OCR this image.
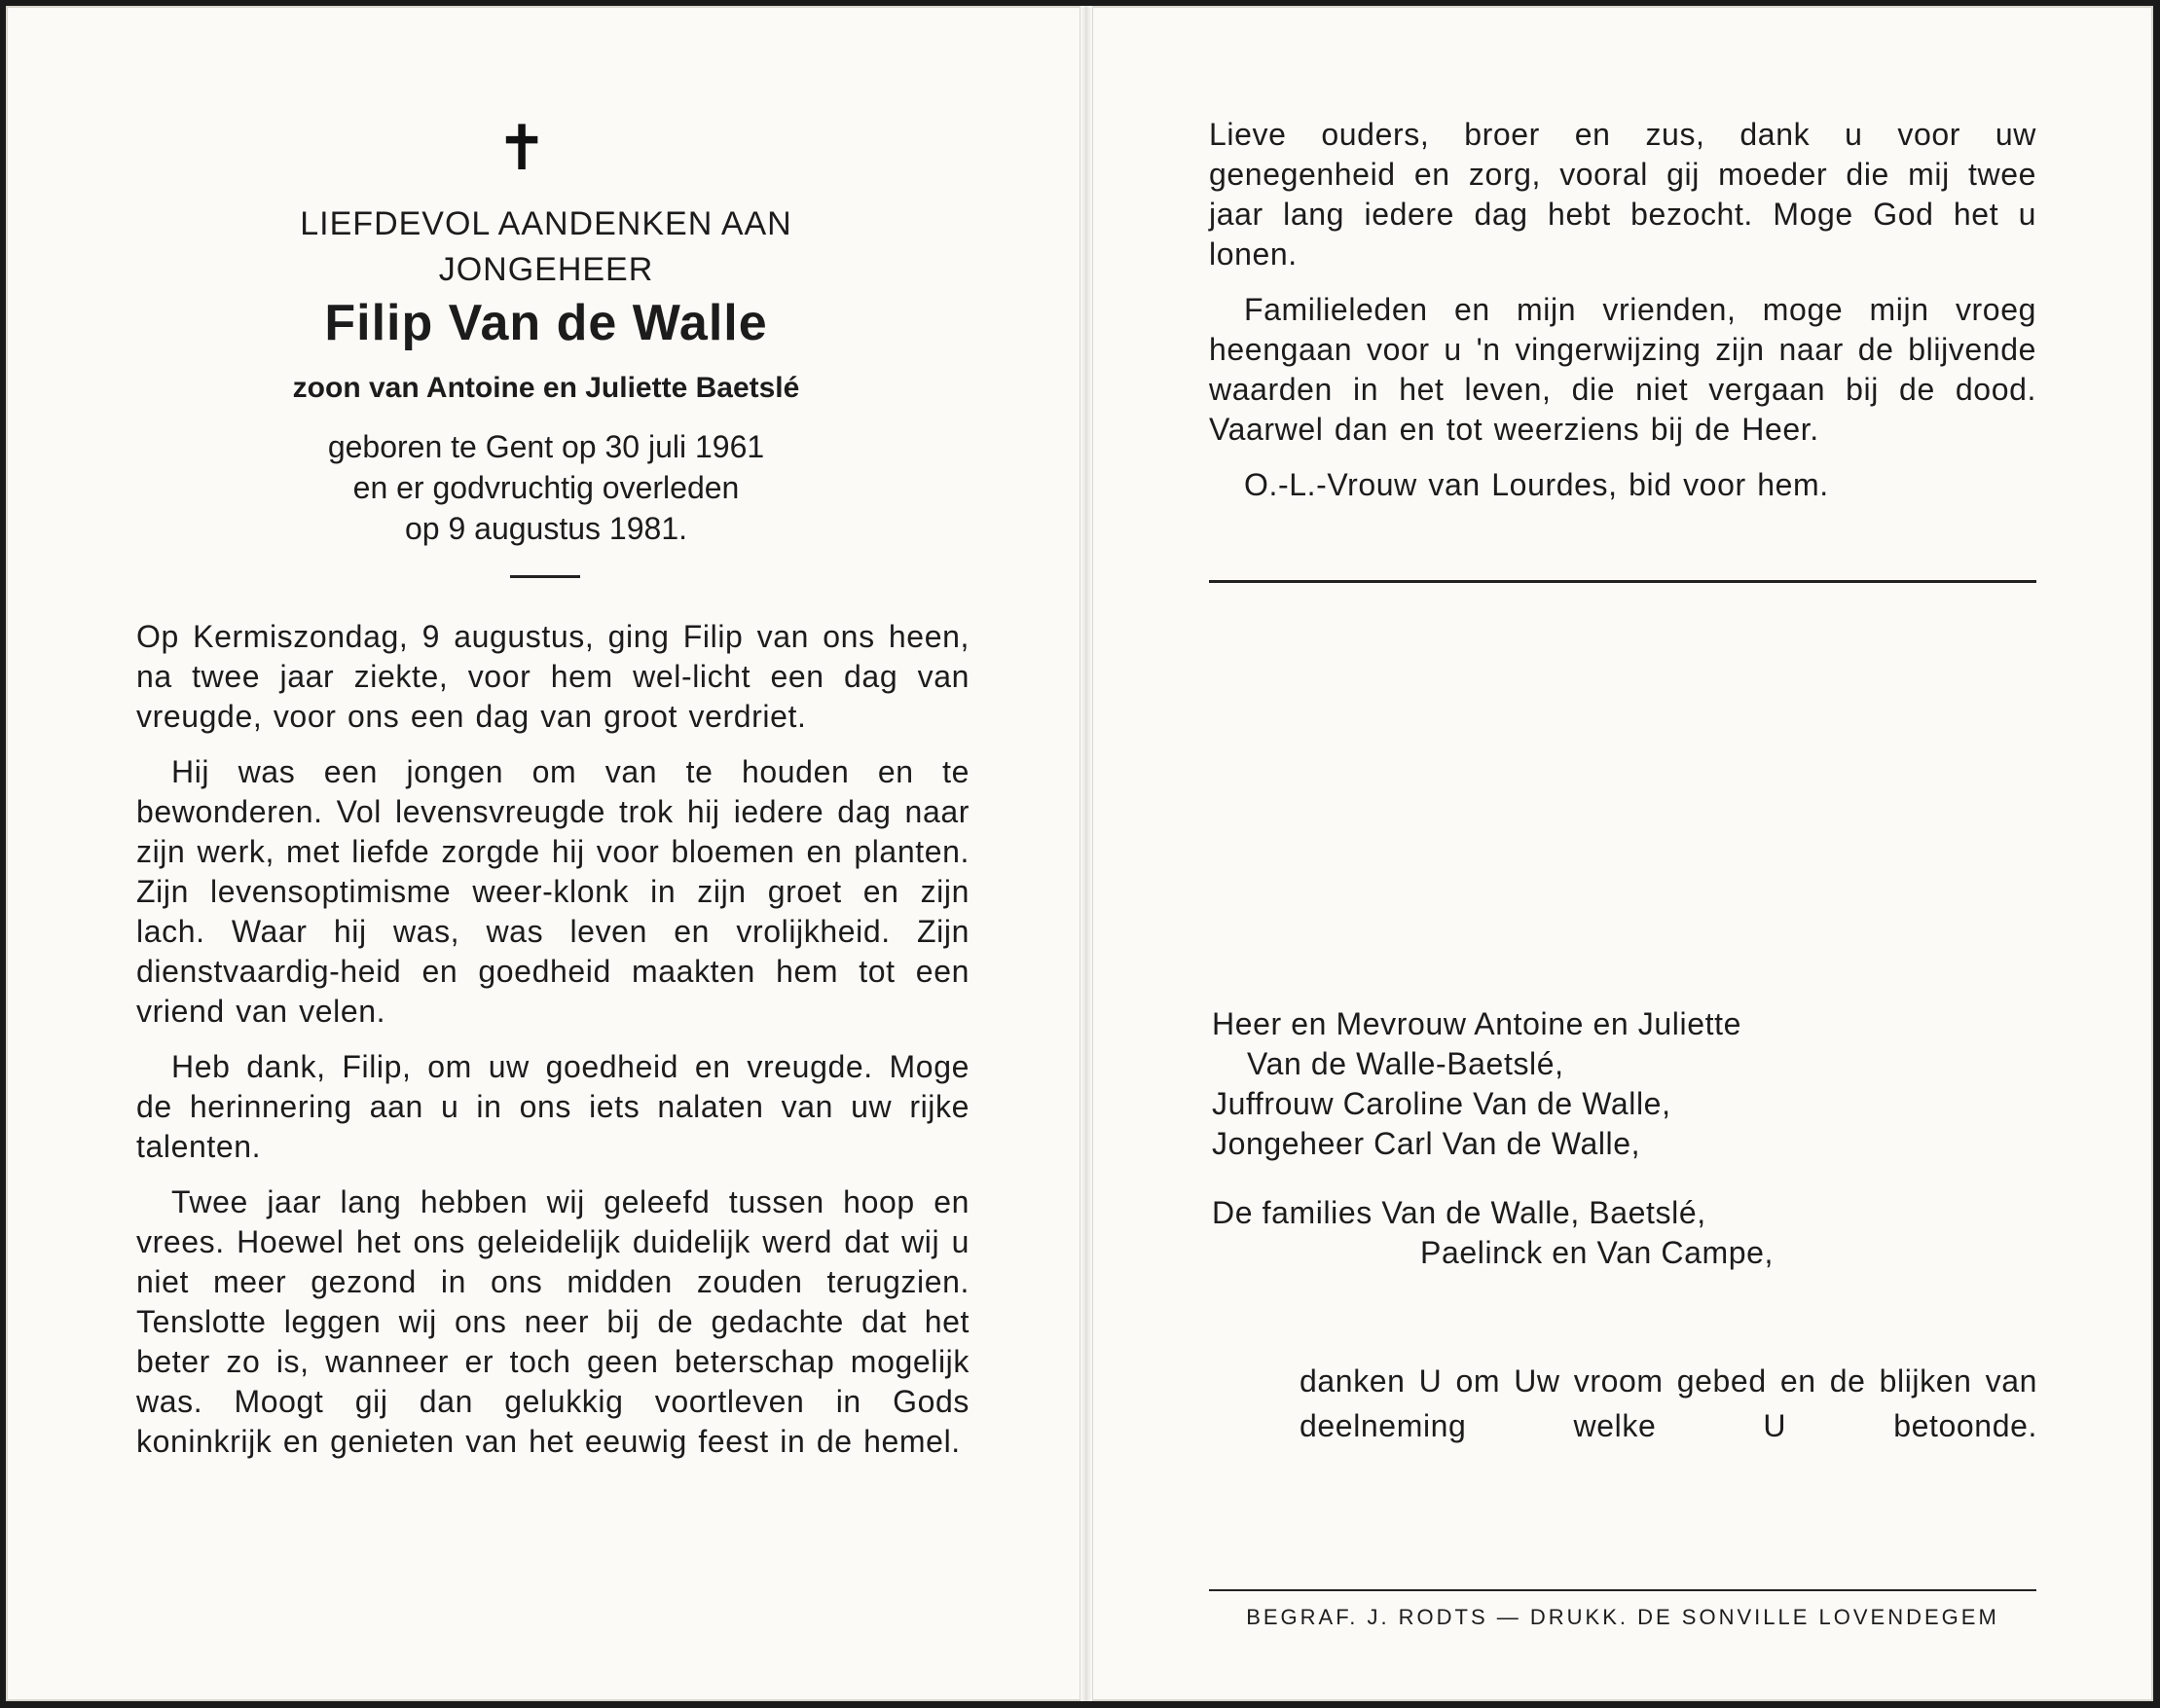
✝
LIEFDEVOL AANDENKEN AAN
JONGEHEER
Filip Van de Walle
zoon van Antoine en Juliette Baetslé
geboren te Gent op 30 juli 1961
en er godvruchtig overleden
op 9 augustus 1981.

Op Kermiszondag, 9 augustus, ging Filip van ons heen, na twee jaar ziekte, voor hem wel-licht een dag van vreugde, voor ons een dag van groot verdriet.

Hij was een jongen om van te houden en te bewonderen. Vol levensvreugde trok hij iedere dag naar zijn werk, met liefde zorgde hij voor bloemen en planten. Zijn levensoptimisme weer-klonk in zijn groet en zijn lach. Waar hij was, was leven en vrolijkheid. Zijn dienstvaardig-heid en goedheid maakten hem tot een vriend van velen.

Heb dank, Filip, om uw goedheid en vreugde. Moge de herinnering aan u in ons iets nalaten van uw rijke talenten.

Twee jaar lang hebben wij geleefd tussen hoop en vrees. Hoewel het ons geleidelijk duidelijk werd dat wij u niet meer gezond in ons midden zouden terugzien. Tenslotte leggen wij ons neer bij de gedachte dat het beter zo is, wanneer er toch geen beterschap mogelijk was. Moogt gij dan gelukkig voortleven in Gods koninkrijk en genieten van het eeuwig feest in de hemel.

Lieve ouders, broer en zus, dank u voor uw genegenheid en zorg, vooral gij moeder die mij twee jaar lang iedere dag hebt bezocht. Moge God het u lonen.

Familieleden en mijn vrienden, moge mijn vroeg heengaan voor u 'n vingerwijzing zijn naar de blijvende waarden in het leven, die niet vergaan bij de dood. Vaarwel dan en tot weerziens bij de Heer.

O.-L.-Vrouw van Lourdes, bid voor hem.

Heer en Mevrouw Antoine en Juliette
Van de Walle-Baetslé,
Juffrouw Caroline Van de Walle,
Jongeheer Carl Van de Walle,
De families Van de Walle, Baetslé,
Paelinck en Van Campe,
danken U om Uw vroom gebed en de blijken van deelneming welke U betoonde.
BEGRAF. J. RODTS — DRUKK. DE SONVILLE LOVENDEGEM
